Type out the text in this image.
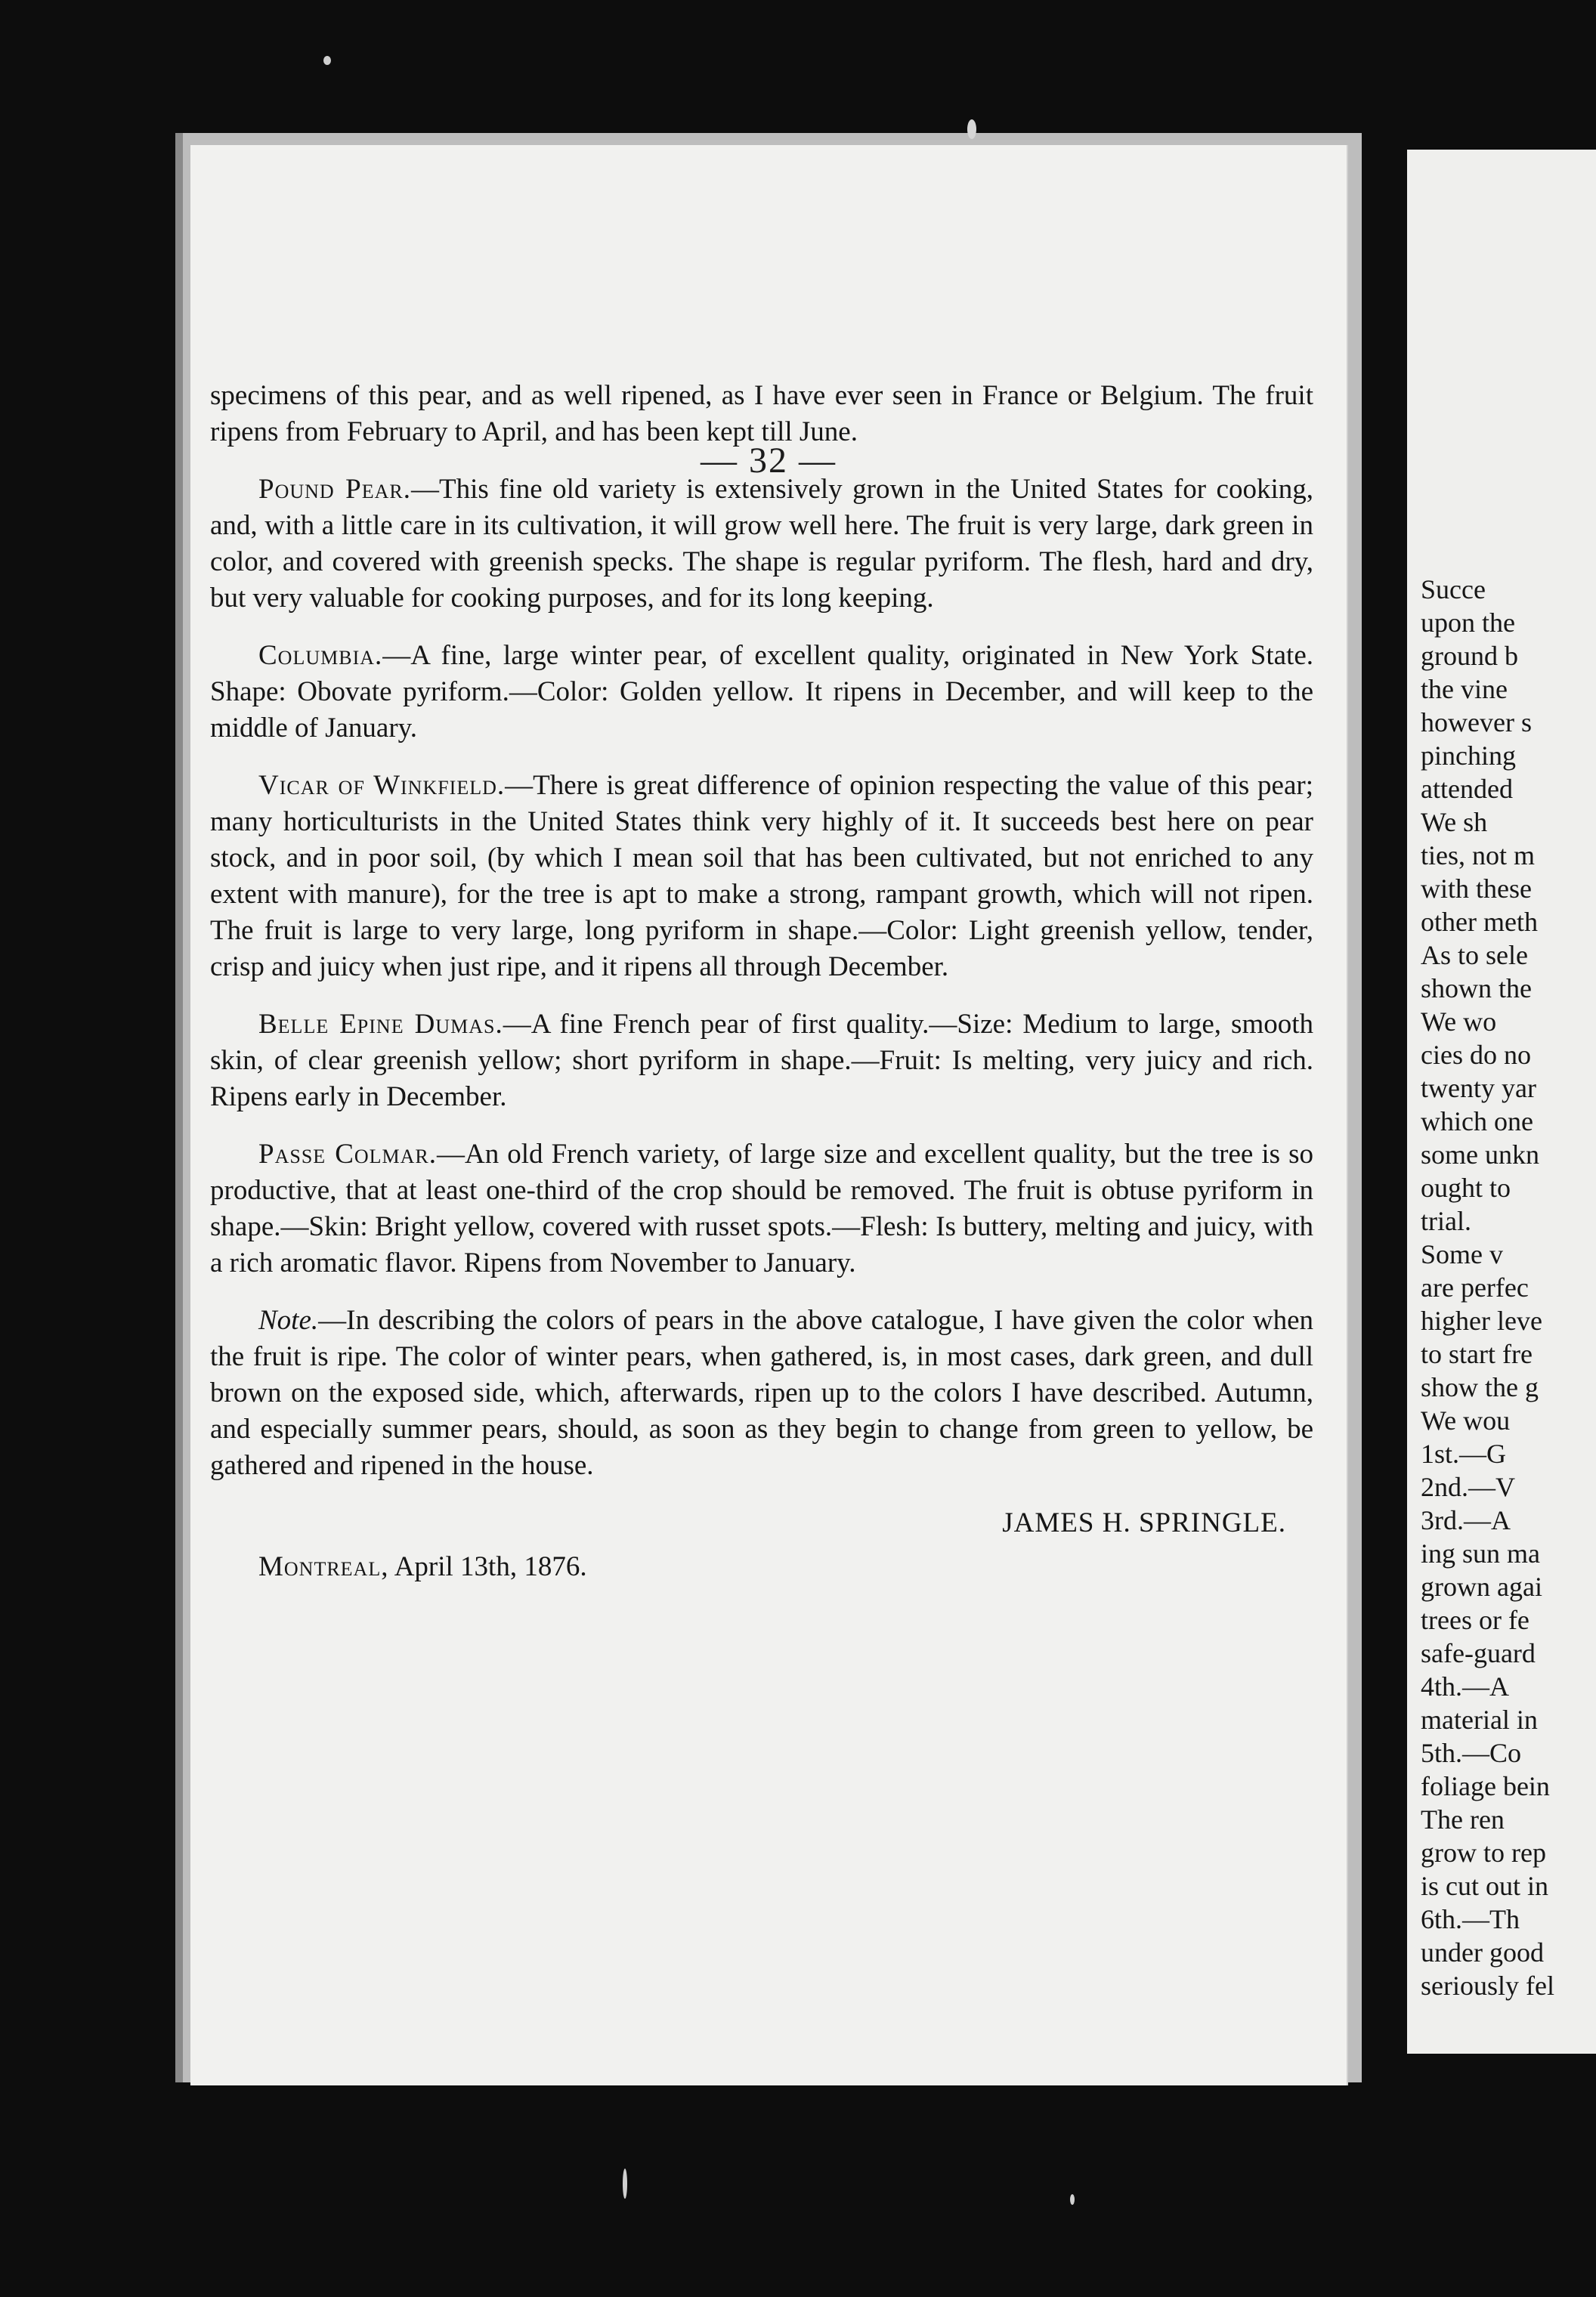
— 32 —

specimens of this pear, and as well ripened, as I have ever seen in France or Belgium. The fruit ripens from February to April, and has been kept till June.

Pound Pear.—This fine old variety is extensively grown in the United States for cooking, and, with a little care in its cultivation, it will grow well here. The fruit is very large, dark green in color, and covered with greenish specks. The shape is regular pyriform. The flesh, hard and dry, but very valuable for cooking purposes, and for its long keeping.

Columbia.—A fine, large winter pear, of excellent quality, originated in New York State. Shape: Obovate pyriform.—Color: Golden yellow. It ripens in December, and will keep to the middle of January.

Vicar of Winkfield.—There is great difference of opinion respecting the value of this pear; many horticulturists in the United States think very highly of it. It succeeds best here on pear stock, and in poor soil, (by which I mean soil that has been cultivated, but not enriched to any extent with manure), for the tree is apt to make a strong, rampant growth, which will not ripen. The fruit is large to very large, long pyriform in shape.—Color: Light greenish yellow, tender, crisp and juicy when just ripe, and it ripens all through December.

Belle Epine Dumas.—A fine French pear of first quality.—Size: Medium to large, smooth skin, of clear greenish yellow; short pyriform in shape.—Fruit: Is melting, very juicy and rich. Ripens early in December.

Passe Colmar.—An old French variety, of large size and excellent quality, but the tree is so productive, that at least one-third of the crop should be removed. The fruit is obtuse pyriform in shape.—Skin: Bright yellow, covered with russet spots.—Flesh: Is buttery, melting and juicy, with a rich aromatic flavor. Ripens from November to January.

Note.—In describing the colors of pears in the above catalogue, I have given the color when the fruit is ripe. The color of winter pears, when gathered, is, in most cases, dark green, and dull brown on the exposed side, which, afterwards, ripen up to the colors I have described. Autumn, and especially summer pears, should, as soon as they begin to change from green to yellow, be gathered and ripened in the house.

JAMES H. SPRINGLE.
Montreal, April 13th, 1876.
Succe
upon the
ground b
the vine
however s
pinching
attended
We sh
ties, not m
with these
other meth
As to sele
shown the
We wo
cies do no
twenty yar
which one
some unkn
ought to
trial.
Some v
are perfec
higher leve
to start fre
show the g
We wou
1st.—G
2nd.—V
3rd.—A
ing sun ma
grown agai
trees or fe
safe-guard
4th.—A
material in
5th.—Co
foliage bein
The ren
grow to rep
is cut out in
6th.—Th
under good
seriously fel
